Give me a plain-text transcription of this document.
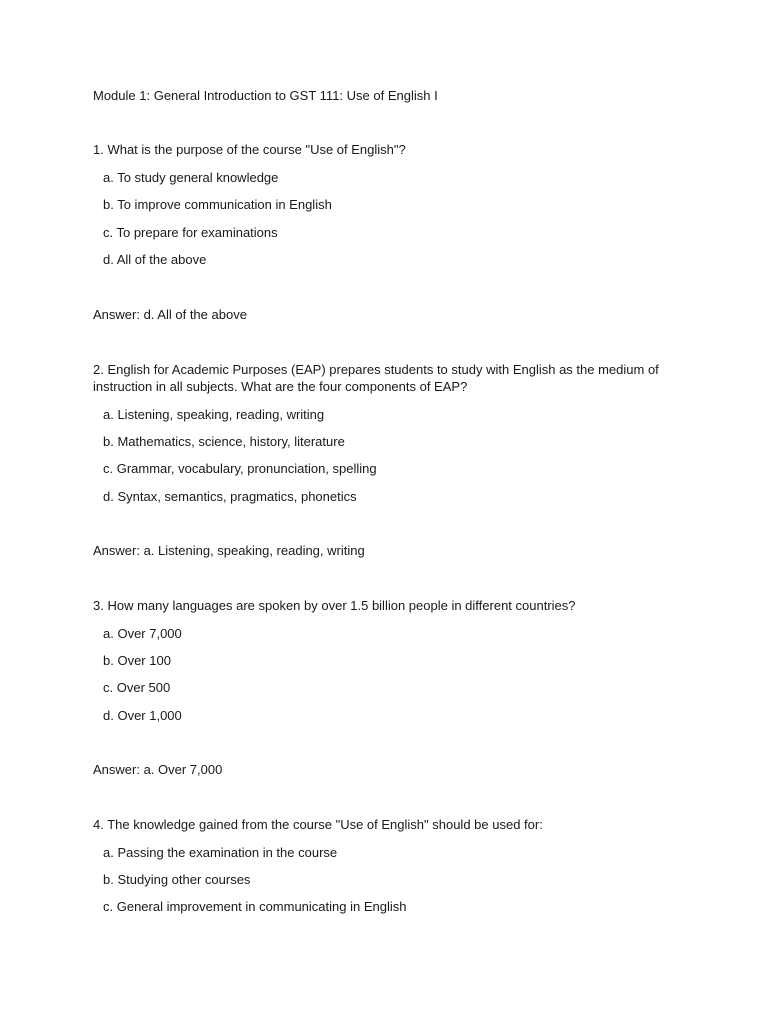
Module 1: General Introduction to GST 111: Use of English I
1. What is the purpose of the course "Use of English"?
a. To study general knowledge
b. To improve communication in English
c. To prepare for examinations
d. All of the above
Answer: d. All of the above
2. English for Academic Purposes (EAP) prepares students to study with English as the medium of instruction in all subjects. What are the four components of EAP?
a. Listening, speaking, reading, writing
b. Mathematics, science, history, literature
c. Grammar, vocabulary, pronunciation, spelling
d. Syntax, semantics, pragmatics, phonetics
Answer: a. Listening, speaking, reading, writing
3. How many languages are spoken by over 1.5 billion people in different countries?
a. Over 7,000
b. Over 100
c. Over 500
d. Over 1,000
Answer: a. Over 7,000
4. The knowledge gained from the course "Use of English" should be used for:
a. Passing the examination in the course
b. Studying other courses
c. General improvement in communicating in English
